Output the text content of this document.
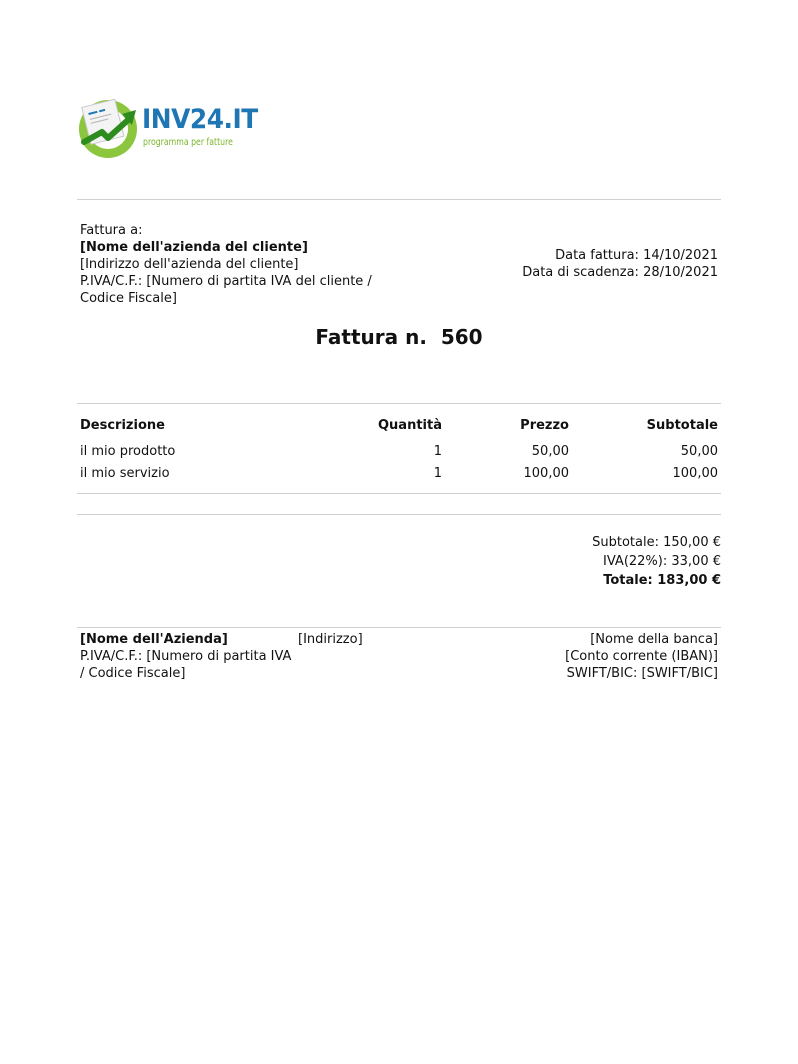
INV24.IT
programma per fatture
Fattura a:
[Nome dell'azienda del cliente]
[Indirizzo dell'azienda del cliente]
P.IVA/C.F.: [Numero di partita IVA del cliente / Codice Fiscale]
Data fattura: 14/10/2021
Data di scadenza: 28/10/2021
Fattura n.  560
Descrizione	Quantità	Prezzo	Subtotale
il mio prodotto	1	50,00	50,00
il mio servizio	1	100,00	100,00
Subtotale: 150,00 €
IVA(22%): 33,00 €
Totale: 183,00 €
[Nome dell'Azienda]
P.IVA/C.F.: [Numero di partita IVA / Codice Fiscale]
[Indirizzo]	[Nome della banca]
[Conto corrente (IBAN)]
SWIFT/BIC: [SWIFT/BIC]
